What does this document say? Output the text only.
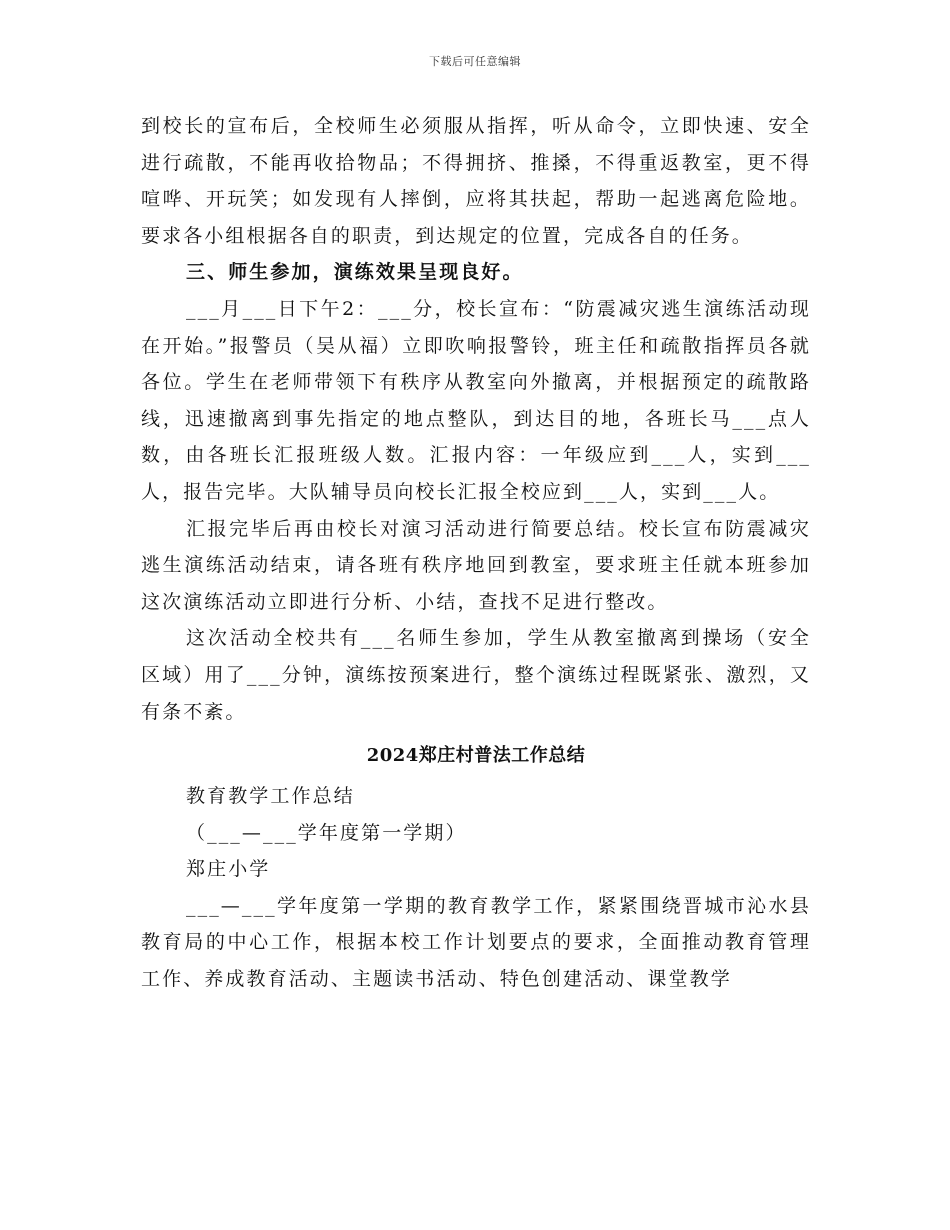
下载后可任意编辑

到校长的宣布后，全校师生必须服从指挥，听从命令，立即快速、安全进行疏散，不能再收拾物品；不得拥挤、推搡，不得重返教室，更不得喧哗、开玩笑；如发现有人摔倒，应将其扶起，帮助一起逃离危险地。要求各小组根据各自的职责，到达规定的位置，完成各自的任务。

三、师生参加，演练效果呈现良好。

___月___日下午2：___分，校长宣布：“防震减灾逃生演练活动现在开始。”报警员（吴从福）立即吹响报警铃，班主任和疏散指挥员各就各位。学生在老师带领下有秩序从教室向外撤离，并根据预定的疏散路线，迅速撤离到事先指定的地点整队，到达目的地，各班长马___点人数，由各班长汇报班级人数。汇报内容：一年级应到___人，实到___人，报告完毕。大队辅导员向校长汇报全校应到___人，实到___人。

汇报完毕后再由校长对演习活动进行简要总结。校长宣布防震减灾逃生演练活动结束，请各班有秩序地回到教室，要求班主任就本班参加这次演练活动立即进行分析、小结，查找不足进行整改。

这次活动全校共有___名师生参加，学生从教室撤离到操场（安全区域）用了___分钟，演练按预案进行，整个演练过程既紧张、激烈，又有条不紊。

2024郑庄村普法工作总结

教育教学工作总结

（___—___学年度第一学期）

郑庄小学

___—___学年度第一学期的教育教学工作，紧紧围绕晋城市沁水县教育局的中心工作，根据本校工作计划要点的要求，全面推动教育管理工作、养成教育活动、主题读书活动、特色创建活动、课堂教学
